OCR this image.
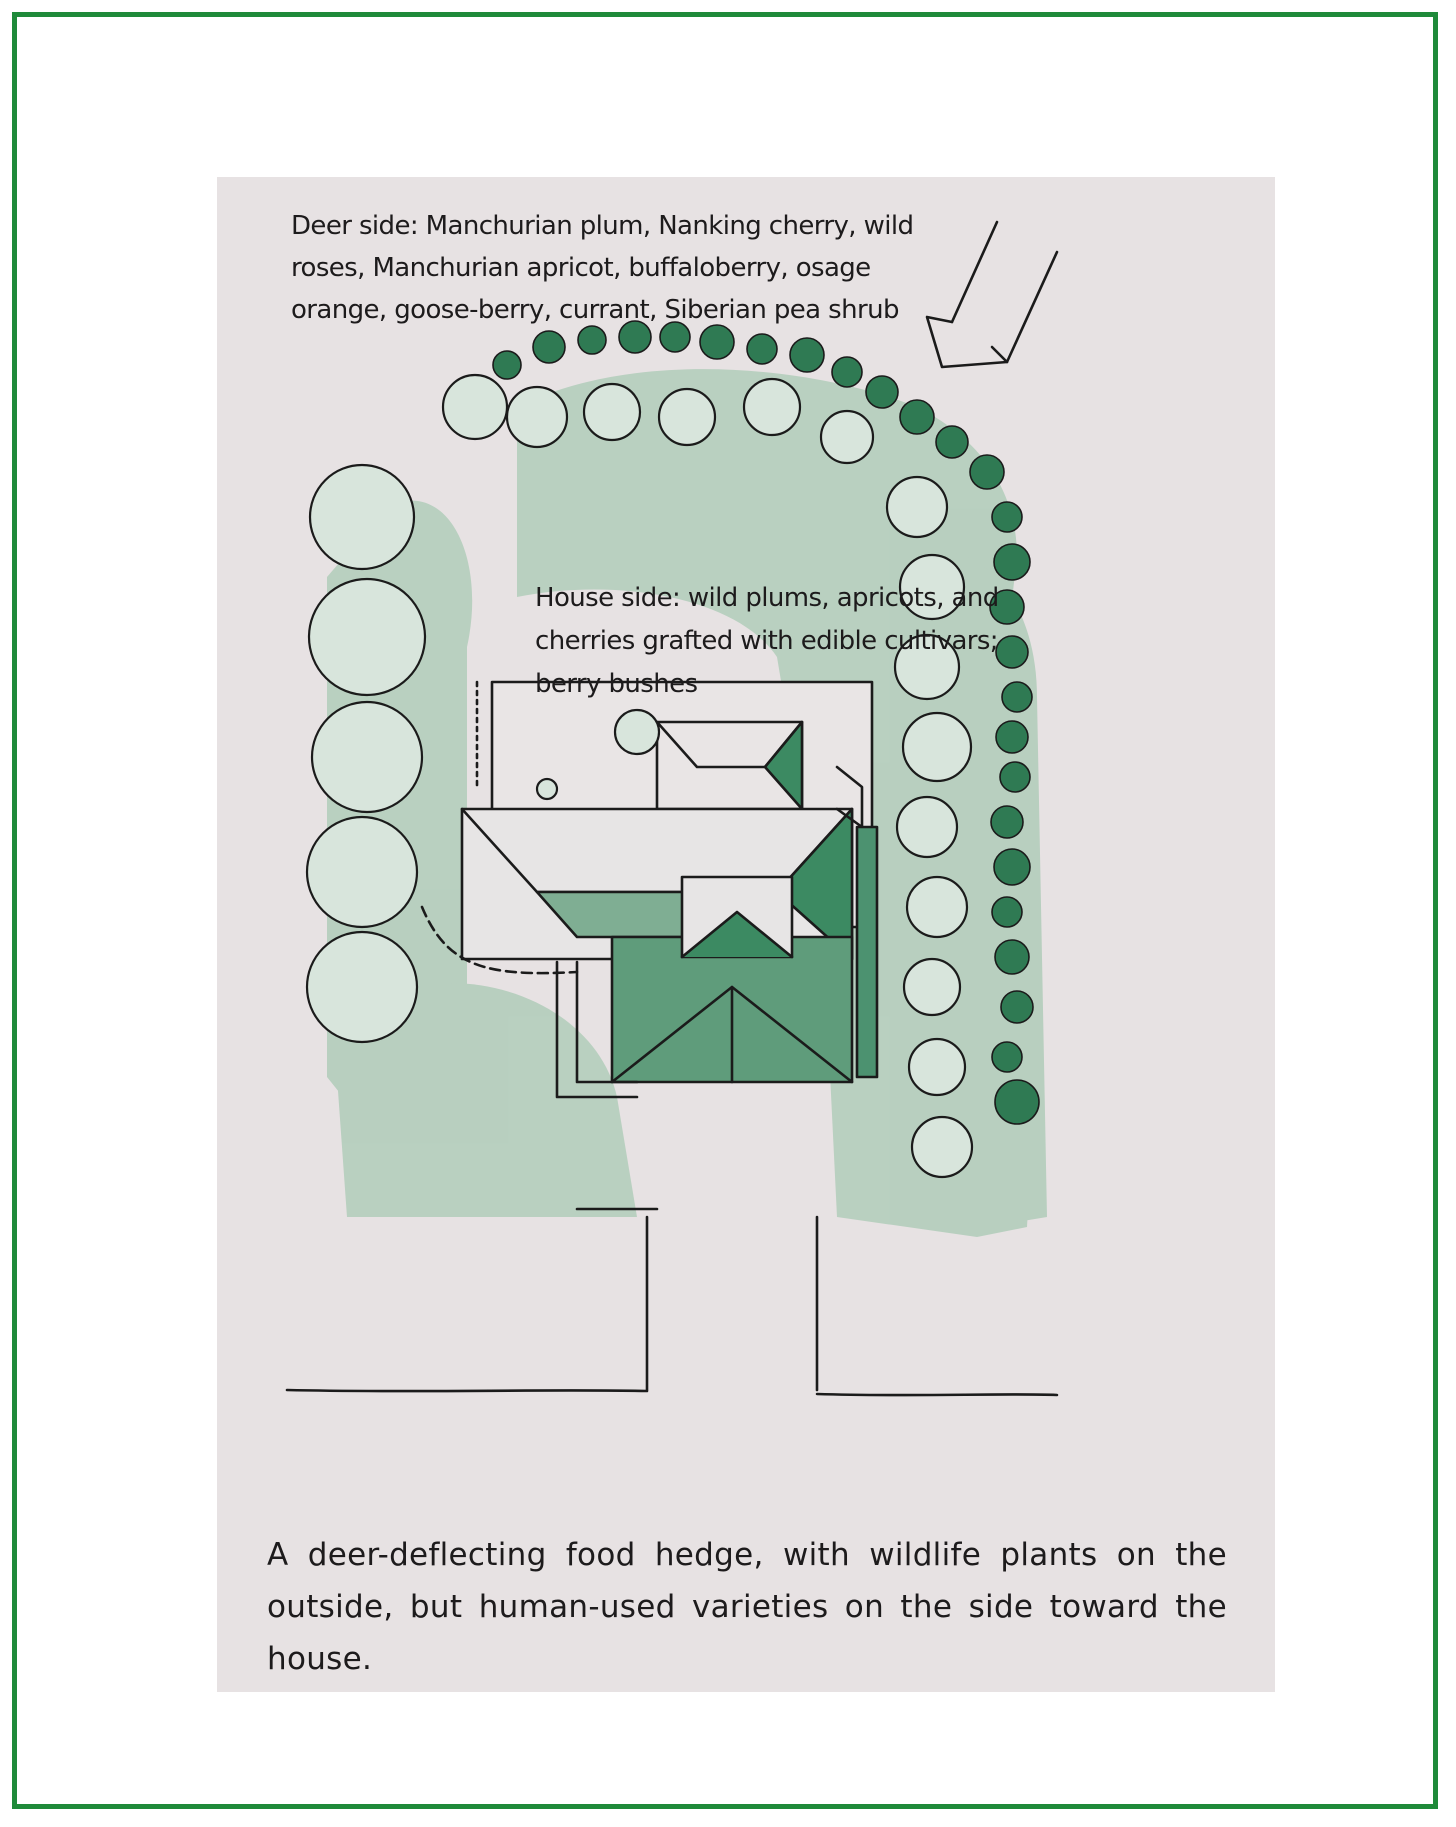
Deer side: Manchurian plum, Nanking cherry, wild roses, Manchurian apricot, buffaloberry, osage orange, goose-berry, currant, Siberian pea shrub
House side: wild plums, apricots, and cherries grafted with edible cultivars; berry bushes
A deer-deflecting food hedge, with wildlife plants on the outside, but human-used varieties on the side toward the house.
